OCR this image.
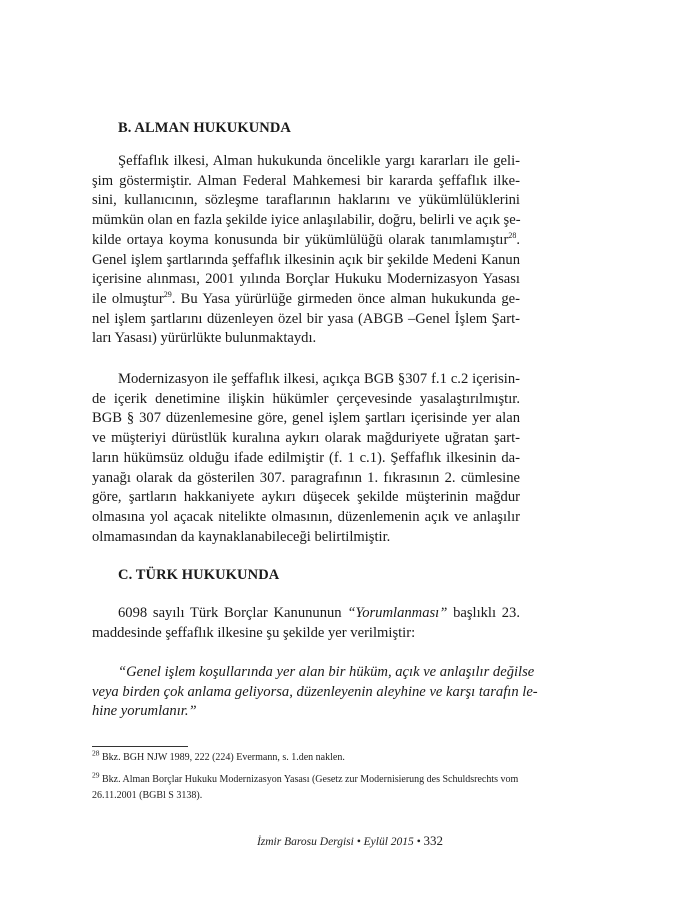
B. ALMAN HUKUKUNDA

Şeffaflık ilkesi, Alman hukukunda öncelikle yargı kararları ile geli-
şim göstermiştir. Alman Federal Mahkemesi bir kararda şeffaflık ilke-
sini, kullanıcının, sözleşme taraflarının haklarını ve yükümlülüklerini
mümkün olan en fazla şekilde iyice anlaşılabilir, doğru, belirli ve açık şe-
kilde ortaya koyma konusunda bir yükümlülüğü olarak tanımlamıştır$^{28}$.
Genel işlem şartlarında şeffaflık ilkesinin açık bir şekilde Medeni Kanun
içerisine alınması, 2001 yılında Borçlar Hukuku Modernizasyon Yasası
ile olmuştur$^{29}$. Bu Yasa yürürlüğe girmeden önce alman hukukunda ge-
nel işlem şartlarını düzenleyen özel bir yasa (ABGB –Genel İşlem Şart-
ları Yasası) yürürlükte bulunmaktaydı.

Modernizasyon ile şeffaflık ilkesi, açıkça BGB §307 f.1 c.2 içerisin-
de içerik denetimine ilişkin hükümler çerçevesinde yasalaştırılmıştır.
BGB § 307 düzenlemesine göre, genel işlem şartları içerisinde yer alan
ve müşteriyi dürüstlük kuralına aykırı olarak mağduriyete uğratan şart-
ların hükümsüz olduğu ifade edilmiştir (f. 1 c.1). Şeffaflık ilkesinin da-
yanağı olarak da gösterilen 307. paragrafının 1. fıkrasının 2. cümlesine
göre, şartların hakkaniyete aykırı düşecek şekilde müşterinin mağdur
olmasına yol açacak nitelikte olmasının, düzenlemenin açık ve anlaşılır
olmamasından da kaynaklanabileceği belirtilmiştir.

C. TÜRK HUKUKUNDA

6098 sayılı Türk Borçlar Kanununun “Yorumlanması” başlıklı 23.
maddesinde şeffaflık ilkesine şu şekilde yer verilmiştir:

“Genel işlem koşullarında yer alan bir hüküm, açık ve anlaşılır değilse
veya birden çok anlama geliyorsa, düzenleyenin aleyhine ve karşı tarafın le-
hine yorumlanır.”

$^{28}$ Bkz. BGH NJW 1989, 222 (224) Evermann, s. 1.den naklen.

$^{29}$ Bkz. Alman Borçlar Hukuku Modernizasyon Yasası (Gesetz zur Modernisierung des Schuldsrechts vom
26.11.2001 (BGBl S 3138).

İzmir Barosu Dergisi • Eylül 2015 • 332
